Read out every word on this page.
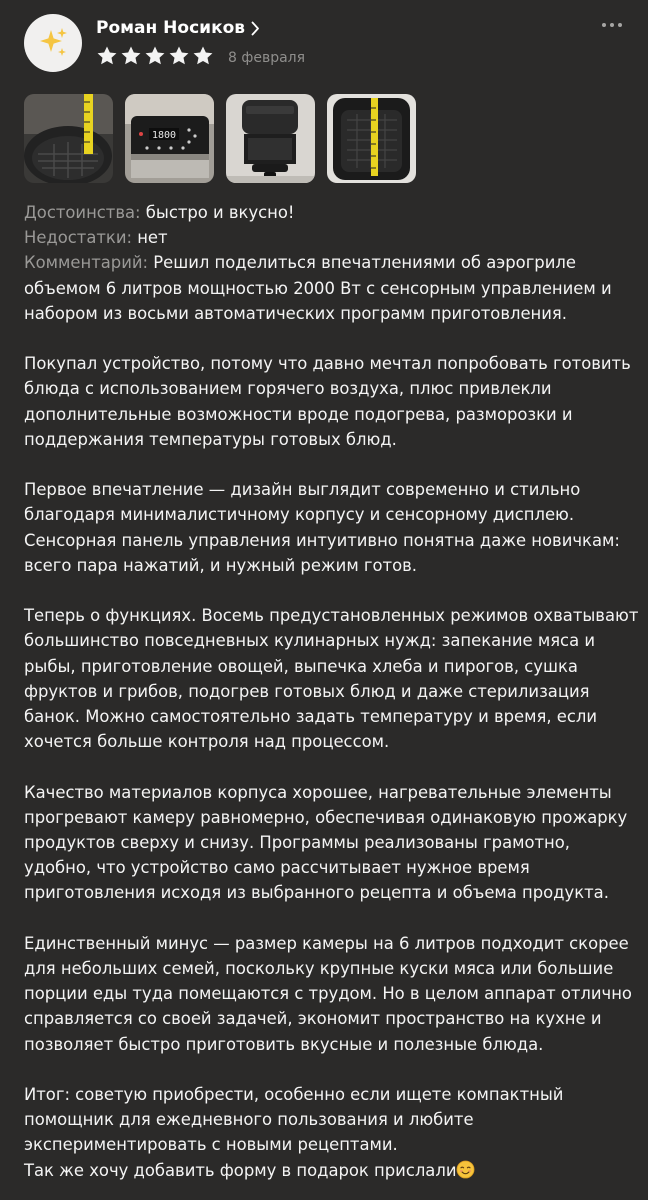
Роман Носиков
8 февраля
1800
Достоинства: быстро и вкусно!
Недостатки: нет
Комментарий: Решил поделиться впечатлениями об аэрогриле
объемом 6 литров мощностью 2000 Вт с сенсорным управлением и
набором из восьми автоматических программ приготовления.
Покупал устройство, потому что давно мечтал попробовать готовить
блюда с использованием горячего воздуха, плюс привлекли
дополнительные возможности вроде подогрева, разморозки и
поддержания температуры готовых блюд.
Первое впечатление — дизайн выглядит современно и стильно
благодаря минималистичному корпусу и сенсорному дисплею.
Сенсорная панель управления интуитивно понятна даже новичкам:
всего пара нажатий, и нужный режим готов.
Теперь о функциях. Восемь предустановленных режимов охватывают
большинство повседневных кулинарных нужд: запекание мяса и
рыбы, приготовление овощей, выпечка хлеба и пирогов, сушка
фруктов и грибов, подогрев готовых блюд и даже стерилизация
банок. Можно самостоятельно задать температуру и время, если
хочется больше контроля над процессом.
Качество материалов корпуса хорошее, нагревательные элементы
прогревают камеру равномерно, обеспечивая одинаковую прожарку
продуктов сверху и снизу. Программы реализованы грамотно,
удобно, что устройство само рассчитывает нужное время
приготовления исходя из выбранного рецепта и объема продукта.
Единственный минус — размер камеры на 6 литров подходит скорее
для небольших семей, поскольку крупные куски мяса или большие
порции еды туда помещаются с трудом. Но в целом аппарат отлично
справляется со своей задачей, экономит пространство на кухне и
позволяет быстро приготовить вкусные и полезные блюда.
Итог: советую приобрести, особенно если ищете компактный
помощник для ежедневного пользования и любите
экспериментировать с новыми рецептами.
Так же хочу добавить форму в подарок прислали
